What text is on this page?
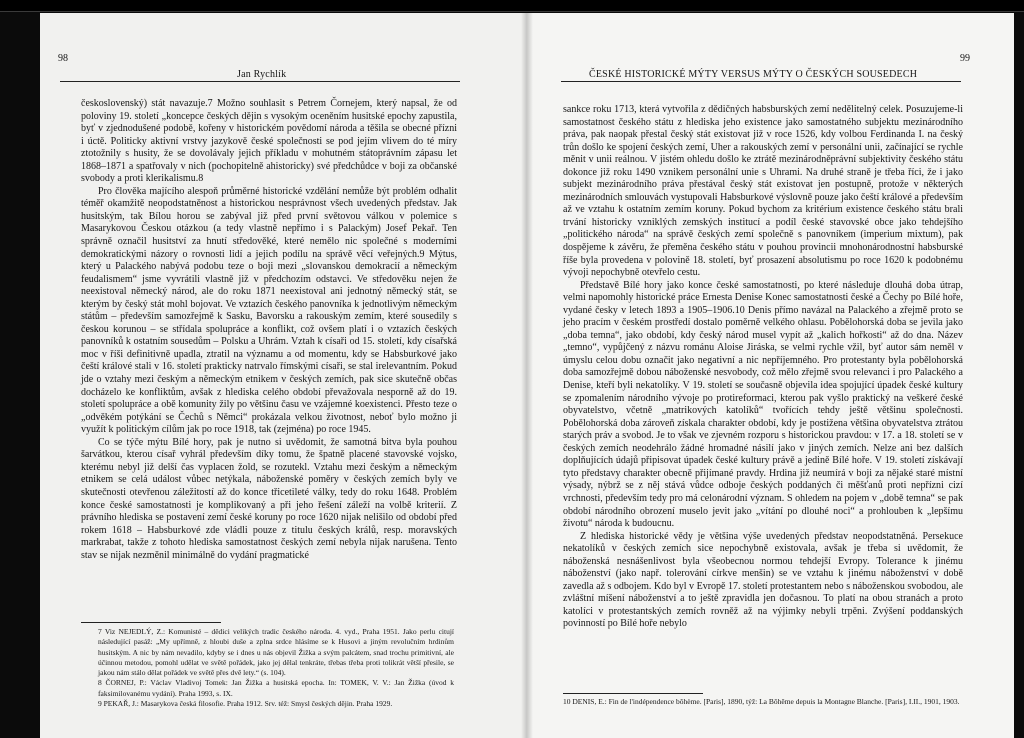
98
Jan Rychlík

československý) stát navazuje.7 Možno souhlasit s Petrem Čornejem, který napsal, že od poloviny 19. století „koncepce českých dějin s vysokým oceněním husitské epochy zapustila, byť v zjednodušené podobě, kořeny v historickém povědomí národa a těšila se obecné přízni i úctě. Politicky aktivní vrstvy jazykově české společnosti se pod jejím vlivem do té míry ztotožnily s husity, že se dovolávaly jejich příkladu v mohutném státoprávním zápasu let 1868–1871 a spatřovaly v nich (pochopitelně ahistoricky) své předchůdce v boji za občanské svobody a proti klerikalismu.8

Pro člověka majícího alespoň průměrné historické vzdělání nemůže být problém odhalit téměř okamžitě neopodstatněnost a historickou nesprávnost všech uvedených představ. Jak husitským, tak Bílou horou se zabýval již před první světovou válkou v polemice s Masarykovou Českou otázkou (a tedy vlastně nepřímo i s Palackým) Josef Pekař. Ten správně označil husitství za hnutí středověké, které nemělo nic společné s moderními demokratickými názory o rovnosti lidí a jejich podílu na správě věcí veřejných.9 Mýtus, který u Palackého nabývá podobu teze o boji mezi „slovanskou demokracií a německým feudalismem“ jsme vyvrátili vlastně již v předchozím odstavci. Ve středověku nejen že neexistoval německý národ, ale do roku 1871 neexistoval ani jednotný německý stát, se kterým by český stát mohl bojovat. Ve vztazích českého panovníka k jednotlivým německým státům – především samozřejmě k Sasku, Bavorsku a rakouským zemím, které sousedily s českou korunou – se střídala spolupráce a konflikt, což ovšem platí i o vztazích českých panovníků k ostatním sousedům – Polsku a Uhrám. Vztah k císaři od 15. století, kdy císařská moc v říši definitivně upadla, ztratil na významu a od momentu, kdy se Habsburkové jako čeští králové stali v 16. století prakticky natrvalo římskými císaři, se stal irelevantním. Pokud jde o vztahy mezi českým a německým etnikem v českých zemích, pak sice skutečně občas docházelo ke konfliktům, avšak z hlediska celého období převažovala nesporně až do 19. století spolupráce a obě komunity žily po většinu času ve vzájemné koexistenci. Přesto teze o „odvěkém potýkání se Čechů s Němci“ prokázala velkou životnost, neboť bylo možno ji využít k politickým cílům jak po roce 1918, tak (zejména) po roce 1945.

Co se týče mýtu Bílé hory, pak je nutno si uvědomit, že samotná bitva byla pouhou šarvátkou, kterou císař vyhrál především díky tomu, že špatně placené stavovské vojsko, kterému nebyl již delší čas vyplacen žold, se rozutekl. Vztahu mezi českým a německým etnikem se celá událost vůbec netýkala, náboženské poměry v českých zemích byly ve skutečnosti otevřenou záležitostí až do konce třicetileté války, tedy do roku 1648. Problém konce české samostatnosti je komplikovaný a při jeho řešení záleží na volbě kriterií. Z právního hlediska se postavení zemí české koruny po roce 1620 nijak nelišilo od období před rokem 1618 – Habsburkové zde vládli pouze z titulu českých králů, resp. moravských markrabat, takže z tohoto hlediska samostatnost českých zemí nebyla nijak narušena. Tento stav se nijak nezměnil minimálně do vydání pragmatické

7 Viz NEJEDLÝ, Z.: Komunisté – dědici velikých tradic českého národa. 4. vyd., Praha 1951. Jako perlu citují následující pasáž: „My upřímně, z hloubi duše a zplna srdce hlásíme se k Husovi a jiným revolučním hrdinům husitským. A nic by nám nevadilo, kdyby se i dnes u nás objevil Žižka a svým palcátem, snad trochu primitivní, ale účinnou metodou, pomohl udělat ve světě pořádek, jako jej dělal tenkráte, třebas třeba proti tolikrát větší přesile, se jakou nám stálo dělat pořádek ve světě přes dvě lety.“ (s. 104).

8 ČORNEJ, P.: Václav Vladivoj Tomek: Jan Žižka a husitská epocha. In: TOMEK, V. V.: Jan Žižka (úvod k faksimilovanému vydání). Praha 1993, s. IX.

9 PEKAŘ, J.: Masarykova česká filosofie. Praha 1912. Srv. též: Smysl českých dějin. Praha 1929.

99
ČESKÉ HISTORICKÉ MÝTY VERSUS MÝTY O ČESKÝCH SOUSEDECH

sankce roku 1713, která vytvořila z dědičných habsburských zemí nedělitelný celek. Posuzujeme-li samostatnost českého státu z hlediska jeho existence jako samostatného subjektu mezinárodního práva, pak naopak přestal český stát existovat již v roce 1526, kdy volbou Ferdinanda I. na český trůn došlo ke spojení českých zemí, Uher a rakouských zemí v personální unii, začínající se rychle měnit v unii reálnou. V jistém ohledu došlo ke ztrátě mezinárodněprávní subjektivity českého státu dokonce již roku 1490 vznikem personální unie s Uhrami. Na druhé straně je třeba říci, že i jako subjekt mezinárodního práva přestával český stát existovat jen postupně, protože v některých mezinárodních smlouvách vystupovali Habsburkové výslovně pouze jako čeští králové a především až ve vztahu k ostatním zemím koruny. Pokud bychom za kritérium existence českého státu brali trvání historicky vzniklých zemských institucí a podíl české stavovské obce jako tehdejšího „politického národa“ na správě českých zemí společně s panovníkem (imperium mixtum), pak dospějeme k závěru, že přeměna českého státu v pouhou provincii mnohonárodnostní habsburské říše byla provedena v polovině 18. století, byť prosazení absolutismu po roce 1620 k podobnému vývoji nepochybně otevřelo cestu.

Představě Bílé hory jako konce české samostatnosti, po které následuje dlouhá doba útrap, velmi napomohly historické práce Ernesta Denise Konec samostatnosti české a Čechy po Bílé hoře, vydané česky v letech 1893 a 1905–1906.10 Denis přímo navázal na Palackého a zřejmě proto se jeho pracím v českém prostředí dostalo poměrně velkého ohlasu. Pobělohorská doba se jevila jako „doba temna“, jako období, kdy český národ musel vypít až „kalich hořkosti“ až do dna. Název „temno“, vypůjčený z názvu románu Aloise Jiráska, se velmi rychle vžil, byť autor sám neměl v úmyslu celou dobu označit jako negativní a nic nepříjemného. Pro protestanty byla pobělohorská doba samozřejmě dobou náboženské nesvobody, což mělo zřejmě svou relevanci i pro Palackého a Denise, kteří byli nekatolíky. V 19. století se současně objevila idea spojující úpadek české kultury se zpomalením národního vývoje po protireformaci, kterou pak vyšlo praktický na veškeré české obyvatelstvo, včetně „matrikových katolíků“ tvořících tehdy ještě většinu společnosti. Pobělohorská doba zároveň získala charakter období, kdy je postižena většina obyvatelstva ztrátou starých práv a svobod. Je to však ve zjevném rozporu s historickou pravdou: v 17. a 18. století se v českých zemích neodehrálo žádné hromadné násilí jako v jiných zemích. Nelze ani bez dalších doplňujících údajů připisovat úpadek české kultury právě a jedině Bílé hoře. V 19. století získávají tyto představy charakter obecně přijímané pravdy. Hrdina již neumírá v boji za nějaké staré místní výsady, nýbrž se z něj stává vůdce odboje českých poddaných či měšťanů proti nepřízni cizí vrchnosti, především tedy pro má celonárodní význam. S ohledem na pojem v „době temna“ se pak období národního obrození muselo jevit jako „vítání po dlouhé noci“ a prohlouben k „lepšímu životu“ národa k budoucnu.

Z hlediska historické vědy je většina výše uvedených představ neopodstatněná. Persekuce nekatolíků v českých zemích sice nepochybně existovala, avšak je třeba si uvědomit, že náboženská nesnášenlivost byla všeobecnou normou tehdejší Evropy. Tolerance k jinému náboženství (jako např. tolerování církve menšin) se ve vztahu k jinému náboženství v době zavedla až s odbojem. Kdo byl v Evropě 17. století protestantem nebo s náboženskou svobodou, ale zvláštní míšení náboženství a to ještě zpravidla jen dočasnou. To platí na obou stranách a proto katolíci v protestantských zemích rovněž až na výjimky nebyli trpěni. Zvýšení poddanských povinností po Bílé hoře nebylo

10 DENIS, E.: Fin de l'indépendence bôhème. [Paris], 1890, týž: La Bôhême depuis la Montagne Blanche. [Paris], I.II., 1901, 1903.
